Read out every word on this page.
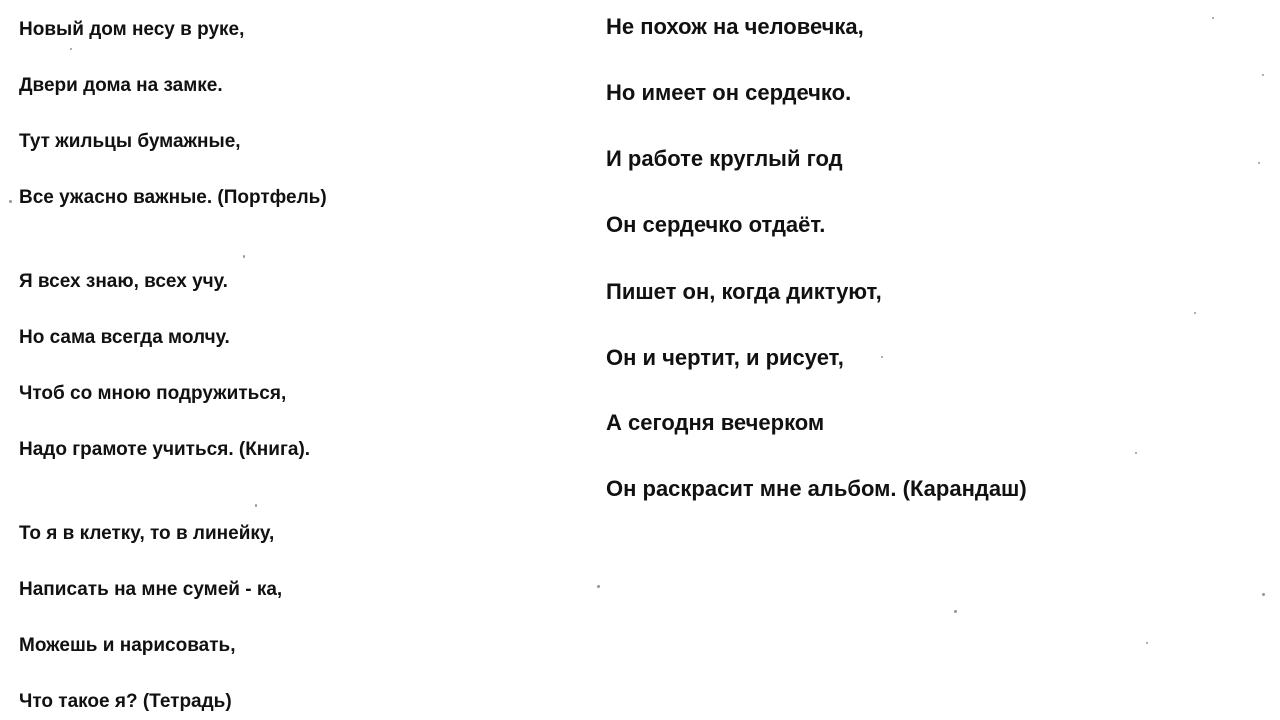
Новый дом несу в руке,
Двери дома на замке.
Тут жильцы бумажные,
Все ужасно важные. (Портфель)
Я всех знаю, всех учу.
Но сама всегда молчу.
Чтоб со мною подружиться,
Надо грамоте учиться. (Книга).
То я в клетку, то в линейку,
Написать на мне сумей - ка,
Можешь и нарисовать,
Что такое я? (Тетрадь)
Не похож на человечка,
Но имеет он сердечко.
И работе круглый год
Он сердечко отдаёт.
Пишет он, когда диктуют,
Он и чертит, и рисует,
А сегодня вечерком
Он раскрасит мне альбом. (Карандаш)
